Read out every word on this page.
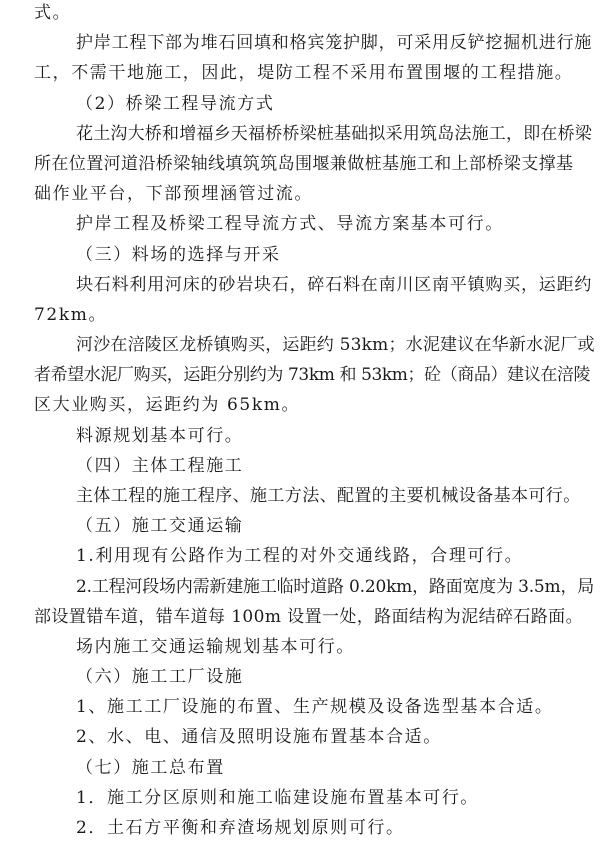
式。
护岸工程下部为堆石回填和格宾笼护脚，可采用反铲挖掘机进行施
工，不需干地施工，因此，堤防工程不采用布置围堰的工程措施。
（2）桥梁工程导流方式
花土沟大桥和增福乡天福桥桥梁桩基础拟采用筑岛法施工，即在桥梁
所在位置河道沿桥梁轴线填筑筑岛围堰兼做桩基施工和上部桥梁支撑基
础作业平台，下部预埋涵管过流。
护岸工程及桥梁工程导流方式、导流方案基本可行。
（三）料场的选择与开采
块石料利用河床的砂岩块石，碎石料在南川区南平镇购买，运距约
72km。
河沙在涪陵区龙桥镇购买，运距约 53km；水泥建议在华新水泥厂或
者希望水泥厂购买，运距分别约为 73km 和 53km；砼（商品）建议在涪陵
区大业购买，运距约为 65km。
料源规划基本可行。
（四）主体工程施工
主体工程的施工程序、施工方法、配置的主要机械设备基本可行。
（五）施工交通运输
1.利用现有公路作为工程的对外交通线路，合理可行。
2.工程河段场内需新建施工临时道路 0.20km，路面宽度为 3.5m，局
部设置错车道，错车道每 100m 设置一处，路面结构为泥结碎石路面。
场内施工交通运输规划基本可行。
（六）施工工厂设施
1、施工工厂设施的布置、生产规模及设备选型基本合适。
2、水、电、通信及照明设施布置基本合适。
（七）施工总布置
1．施工分区原则和施工临建设施布置基本可行。
2．土石方平衡和弃渣场规划原则可行。
